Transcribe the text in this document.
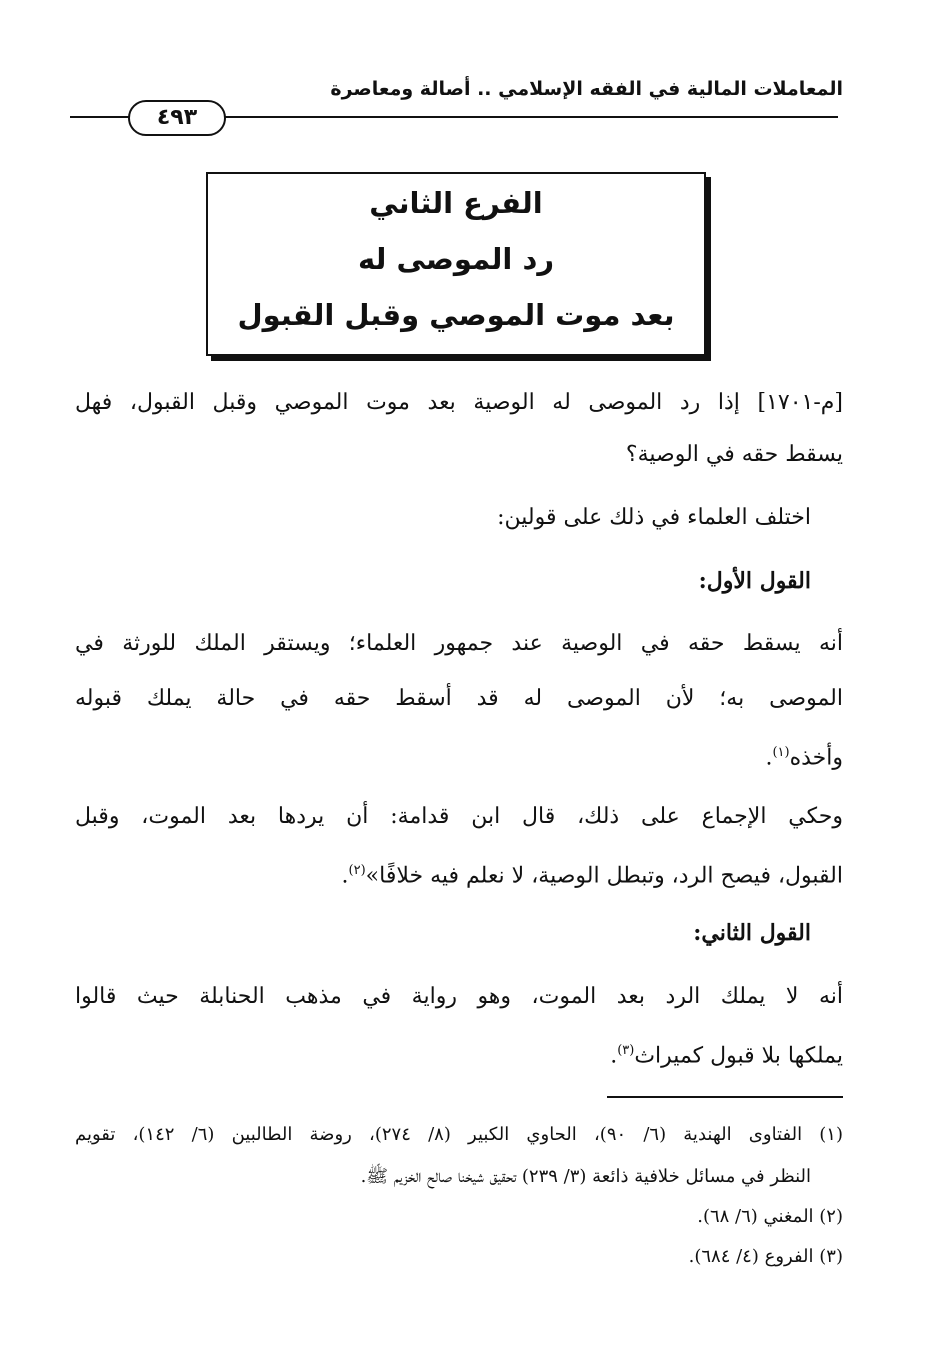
المعاملات المالية في الفقه الإسلامي .. أصالة ومعاصرة
٤٩٣
الفرع الثاني
رد الموصى له
بعد موت الموصي وقبل القبول
[م-١٧٠١] إذا رد الموصى له الوصية بعد موت الموصي وقبل القبول، فهل
يسقط حقه في الوصية؟
اختلف العلماء في ذلك على قولين:
القول الأول:
أنه يسقط حقه في الوصية عند جمهور العلماء؛ ويستقر الملك للورثة في
الموصى به؛ لأن الموصى له قد أسقط حقه في حالة يملك قبوله
وأخذه$^{(١)}$.
وحكي الإجماع على ذلك، قال ابن قدامة: أن يردها بعد الموت، وقبل
القبول، فيصح الرد، وتبطل الوصية، لا نعلم فيه خلافًا»$^{(٢)}$.
القول الثاني:
أنه لا يملك الرد بعد الموت، وهو رواية في مذهب الحنابلة حيث قالوا
يملكها بلا قبول كميراث$^{(٣)}$.
(١) الفتاوى الهندية (٦/ ٩٠)، الحاوي الكبير (٨/ ٢٧٤)، روضة الطالبين (٦/ ١٤٢)، تقويم
النظر في مسائل خلافية ذائعة (٣/ ٢٣٩) تحقيق شيخنا صالح الخزيم ﷺ.
(٢) المغني (٦/ ٦٨).
(٣) الفروع (٤/ ٦٨٤).
